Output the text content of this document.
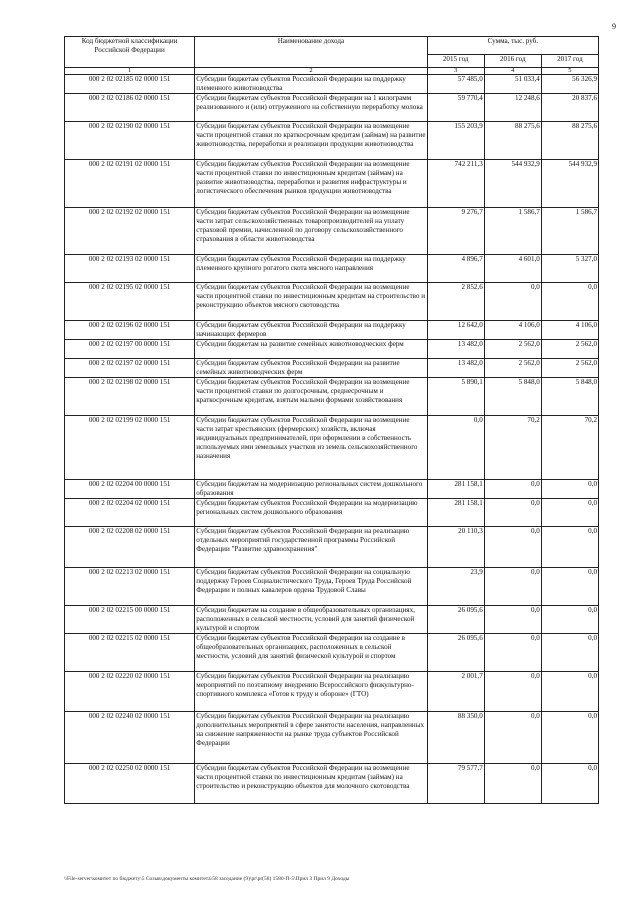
9
Код бюджетной классификации Российской Федерации	Наименование дохода	Сумма, тыс. руб.		
		2015 год	2016 год	2017 год
1	2	3	4	5
000 2 02 02185 02 0000 151	Субсидии бюджетам субъектов Российской Федерации на поддержку племенного животноводства	57 485,0	51 033,4	56 326,9
000 2 02 02186 02 0000 151	Субсидии бюджетам субъектов Российской Федерации на 1 килограмм реализованного и (или) отгруженного на собственную переработку молока	59 770,4	12 248,6	20 837,6
000 2 02 02190 02 0000 151	Субсидии бюджетам субъектов Российской Федерации на возмещение части процентной ставки по краткосрочным кредитам (займам) на развитие животноводства, переработки и реализации продукции животноводства	155 203,9	88 275,6	88 275,6
000 2 02 02191 02 0000 151	Субсидии бюджетам субъектов Российской Федерации на возмещение части процентной ставки по инвестиционным кредитам (займам) на развитие животноводства, переработки и развития инфраструктуры и логистического обеспечения рынков продукции животноводства	742 211,3	544 932,9	544 932,9
000 2 02 02192 02 0000 151	Субсидии бюджетам субъектов Российской Федерации на возмещение части затрат сельскохозяйственных товаропроизводителей на уплату страховой премии, начисленной по договору сельскохозяйственного страхования в области животноводства	9 276,7	1 586,7	1 586,7
000 2 02 02193 02 0000 151	Субсидии бюджетам субъектов Российской Федерации на поддержку племенного крупного рогатого скота мясного направления	4 896,7	4 601,0	5 327,0
000 2 02 02195 02 0000 151	Субсидии бюджетам субъектов Российской Федерации на возмещение части процентной ставки по инвестиционным кредитам на строительство и реконструкцию объектов мясного скотоводства	2 852,6	0,0	0,0
000 2 02 02196 02 0000 151	Субсидии бюджетам субъектов Российской Федерации на поддержку начинающих фермеров	12 642,0	4 106,0	4 106,0
000 2 02 02197 00 0000 151	Субсидии бюджетам на развитие семейных животноводческих ферм	13 482,0	2 562,0	2 562,0
000 2 02 02197 02 0000 151	Субсидии бюджетам субъектов Российской Федерации на развитие семейных животноводческих ферм	13 482,0	2 562,0	2 562,0
000 2 02 02198 02 0000 151	Субсидии бюджетам субъектов Российской Федерации на возмещение части процентной ставки по долгосрочным, среднесрочным и краткосрочным кредитам, взятым малыми формами хозяйствования	5 890,1	5 848,0	5 848,0
000 2 02 02199 02 0000 151	Субсидии бюджетам субъектов Российской Федерации на возмещение части затрат крестьянских (фермерских) хозяйств, включая индивидуальных предпринимателей, при оформлении в собственность используемых ими земельных участков из земель сельскохозяйственного назначения	0,0	70,2	70,2
000 2 02 02204 00 0000 151	Субсидии бюджетам на модернизацию региональных систем дошкольного образования	281 158,1	0,0	0,0
000 2 02 02204 02 0000 151	Субсидии бюджетам субъектов Российской Федерации на модернизацию региональных систем дошкольного образования	281 158,1	0,0	0,0
000 2 02 02208 02 0000 151	Субсидии бюджетам субъектов Российской Федерации на реализацию отдельных мероприятий государственной программы Российской Федерации "Развитие здравоохранения"	20 110,3	0,0	0,0
000 2 02 02213 02 0000 151	Субсидии бюджетам субъектов Российской Федерации на социальную поддержку Героев Социалистического Труда, Героев Труда Российской Федерации и полных кавалеров ордена Трудовой Славы	23,9	0,0	0,0
000 2 02 02215 00 0000 151	Субсидии бюджетам на создание в общеобразовательных организациях, расположенных в сельской местности, условий для занятий физической культурой и спортом	26 095,6	0,0	0,0
000 2 02 02215 02 0000 151	Субсидии бюджетам субъектов Российской Федерации на создание в общеобразовательных организациях, расположенных в сельской местности, условий для занятий физической культурой и спортом	26 095,6	0,0	0,0
000 2 02 02220 02 0000 151	Субсидии бюджетам субъектов Российской Федерации на реализацию мероприятий по поэтапному внедрению Всероссийского физкультурно-спортивного комплекса «Готов к труду и обороне» (ГТО)	2 001,7	0,0	0,0
000 2 02 02240 02 0000 151	Субсидии бюджетам субъектов Российской Федерации на реализацию дополнительных мероприятий в сфере занятости населения, направленных на снижение напряженности на рынке труда субъектов Российской Федерации	88 350,0	0,0	0,0
000 2 02 02250 02 0000 151	Субсидии бюджетам субъектов Российской Федерации на возмещение части процентной ставки по инвестиционным кредитам (займам) на строительство и реконструкцию объектов для молочного скотоводства	79 577,7	0,0	0,0
\\File-server\комитет по бюджету\5 Созыв\документы комитета\58 заседание (9)\pr\pr(58) 1580-П-5\Прил 3 Прил 9 Доходы
